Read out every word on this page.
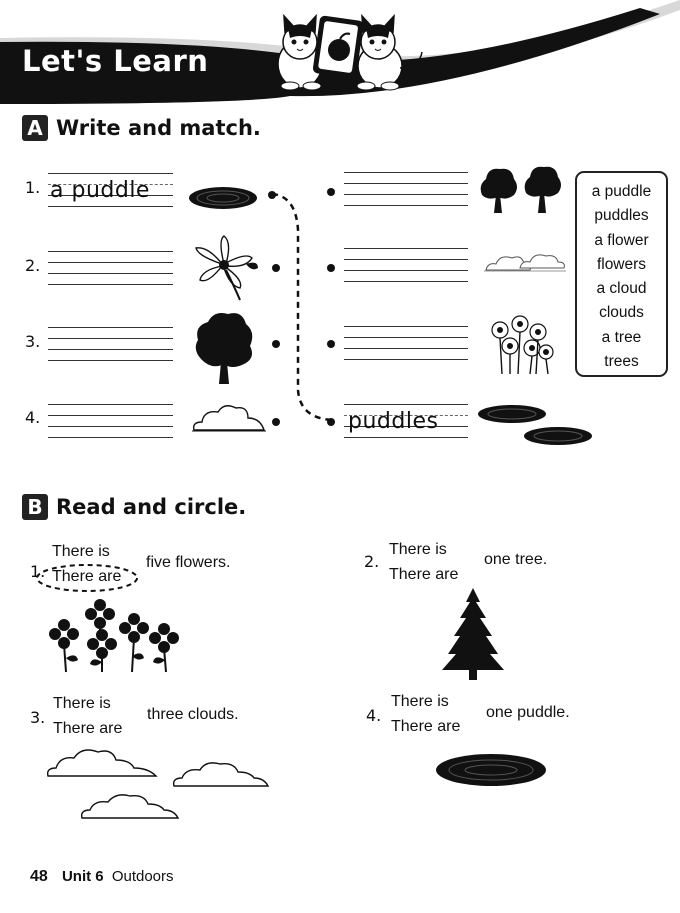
Let's Learn
A Write and match.
1.
2.
3.
4.
a puddle
puddles
a puddle
puddles
a flower
flowers
a cloud
clouds
a tree
trees
B Read and circle.
1.
There is
There are
five flowers.	2.
There is
There are
one tree.
3.
There is
There are
three clouds.	4.
There is
There are
one puddle.
48 Unit 6 Outdoors
